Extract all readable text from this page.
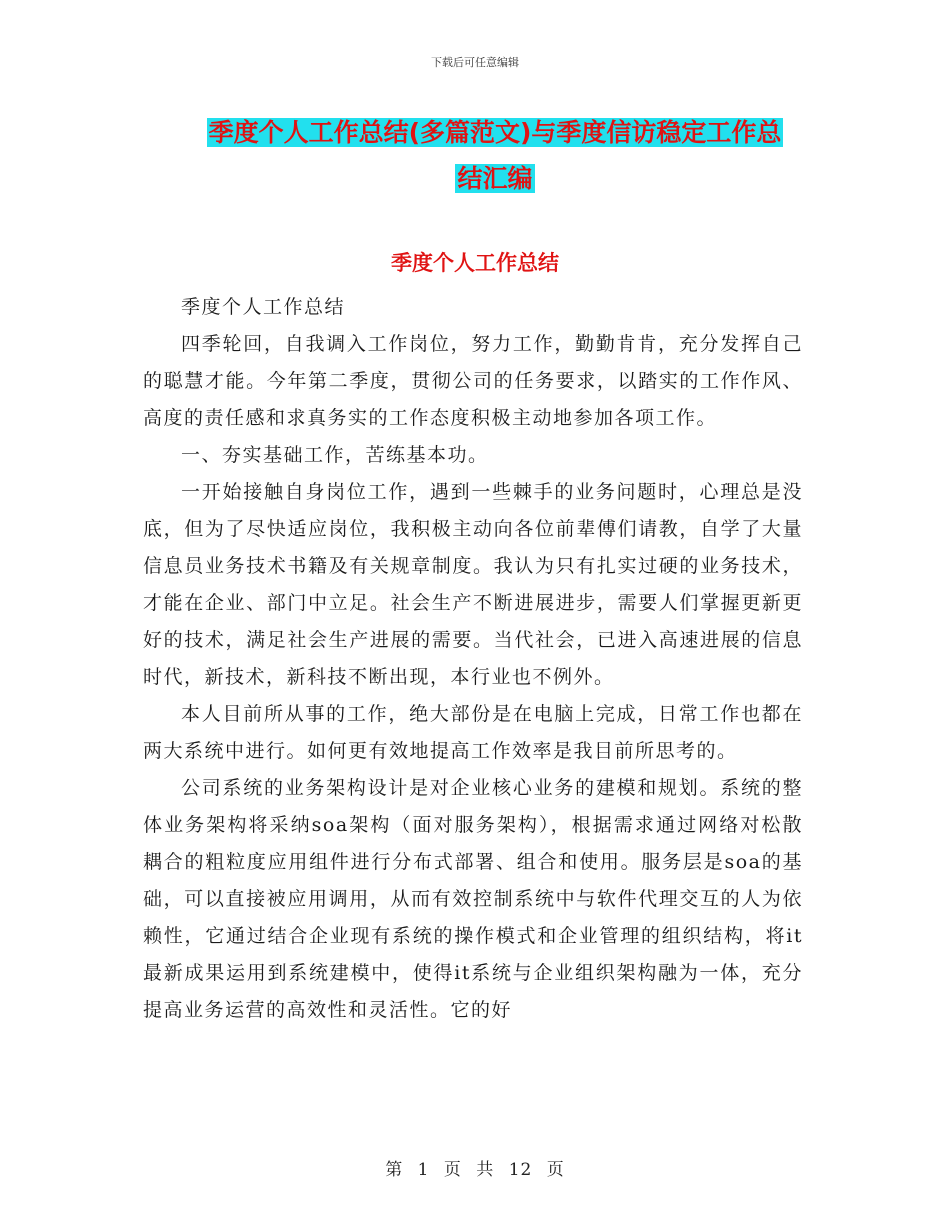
下载后可任意编辑
季度个人工作总结(多篇范文)与季度信访稳定工作总
结汇编
季度个人工作总结

季度个人工作总结

四季轮回，自我调入工作岗位，努力工作，勤勤肯肯，充分发挥自己的聪慧才能。今年第二季度，贯彻公司的任务要求，以踏实的工作作风、高度的责任感和求真务实的工作态度积极主动地参加各项工作。

一、夯实基础工作，苦练基本功。

一开始接触自身岗位工作，遇到一些棘手的业务问题时，心理总是没底，但为了尽快适应岗位，我积极主动向各位前辈傅们请教，自学了大量信息员业务技术书籍及有关规章制度。我认为只有扎实过硬的业务技术，才能在企业、部门中立足。社会生产不断进展进步，需要人们掌握更新更好的技术，满足社会生产进展的需要。当代社会，已进入高速进展的信息时代，新技术，新科技不断出现，本行业也不例外。

本人目前所从事的工作，绝大部份是在电脑上完成，日常工作也都在两大系统中进行。如何更有效地提高工作效率是我目前所思考的。

公司系统的业务架构设计是对企业核心业务的建模和规划。系统的整体业务架构将采纳soa架构（面对服务架构），根据需求通过网络对松散耦合的粗粒度应用组件进行分布式部署、组合和使用。服务层是soa的基础，可以直接被应用调用，从而有效控制系统中与软件代理交互的人为依赖性，它通过结合企业现有系统的操作模式和企业管理的组织结构，将it最新成果运用到系统建模中，使得it系统与企业组织架构融为一体，充分提高业务运营的高效性和灵活性。它的好

第 1 页 共 12 页
